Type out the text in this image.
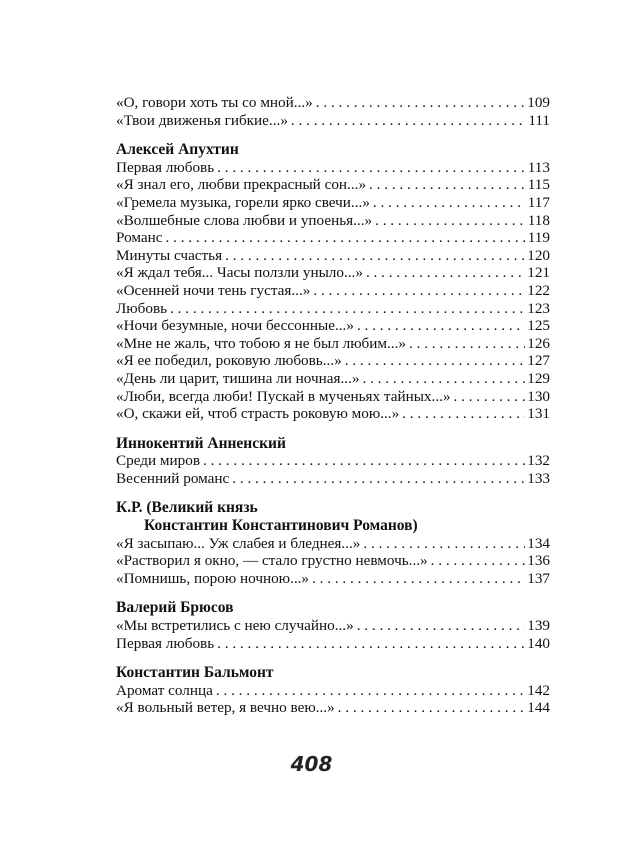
«О, говори хоть ты со мной...» . . .	109
«Твои движенья гибкие...» . . .	111
Алексей Апухтин
Первая любовь . . .	113
«Я знал его, любви прекрасный сон...» . . .	115
«Гремела музыка, горели ярко свечи...» . . .	117
«Волшебные слова любви и упоенья...» . . .	118
Романс . . .	119
Минуты счастья . . .	120
«Я ждал тебя... Часы ползли уныло...» . . .	121
«Осенней ночи тень густая...» . . .	122
Любовь . . .	123
«Ночи безумные, ночи бессонные...» . . .	125
«Мне не жаль, что тобою я не был любим...» . . .	126
«Я ее победил, роковую любовь...» . . .	127
«День ли царит, тишина ли ночная...» . . .	129
«Люби, всегда люби! Пускай в мученьях тайных...» . . .	130
«О, скажи ей, чтоб страсть роковую мою...» . . .	131
Иннокентий Анненский
Среди миров . . .	132
Весенний романс . . .	133
К.Р. (Великий князь
Константин Константинович Романов)
«Я засыпаю... Уж слабея и бледнея...» . . .	134
«Растворил я окно, — стало грустно невмочь...» . . .	136
«Помнишь, порою ночною...» . . .	137
Валерий Брюсов
«Мы встретились с нею случайно...» . . .	139
Первая любовь . . .	140
Константин Бальмонт
Аромат солнца . . .	142
«Я вольный ветер, я вечно вею...» . . .	144
408
